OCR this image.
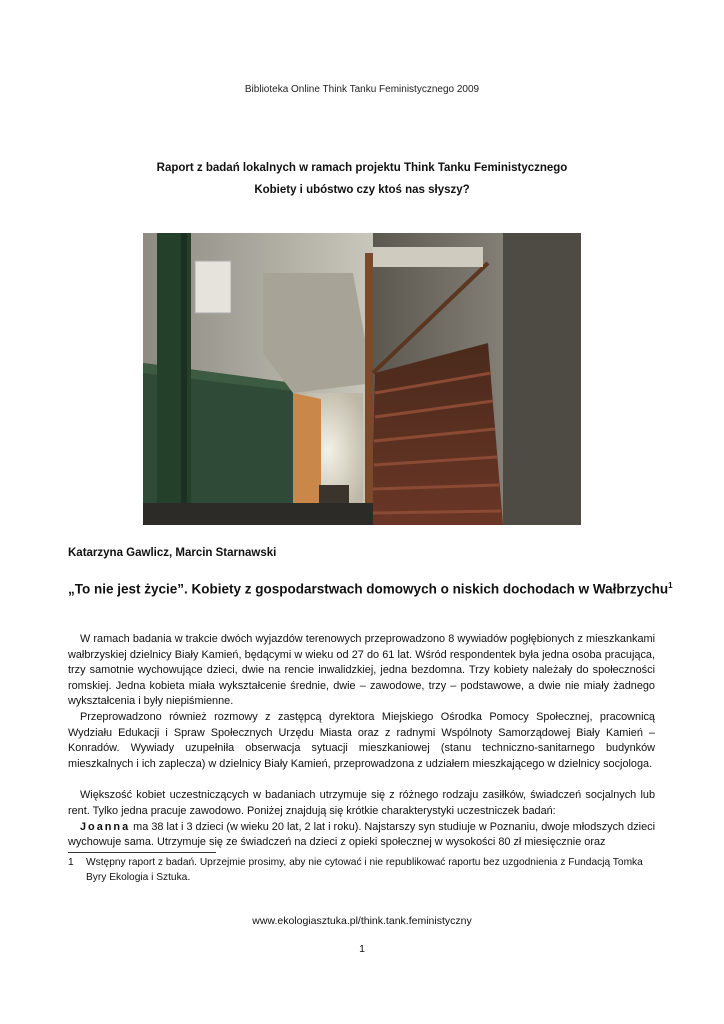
Biblioteka Online Think Tanku Feministycznego 2009
Raport z badań lokalnych w ramach projektu Think Tanku Feministycznego
Kobiety i ubóstwo czy ktoś nas słyszy?
Katarzyna Gawlicz, Marcin Starnawski
„To nie jest życie”. Kobiety z gospodarstwach domowych o niskich dochodach w Wałbrzychu$^1$

W ramach badania w trakcie dwóch wyjazdów terenowych przeprowadzono 8 wywiadów pogłębionych z mieszkankami wałbrzyskiej dzielnicy Biały Kamień, będącymi w wieku od 27 do 61 lat. Wśród respondentek była jedna osoba pracująca, trzy samotnie wychowujące dzieci, dwie na rencie inwalidzkiej, jedna bezdomna. Trzy kobiety należały do społeczności romskiej. Jedna kobieta miała wykształcenie średnie, dwie – zawodowe, trzy – podstawowe, a dwie nie miały żadnego wykształcenia i były niepiśmienne.

Przeprowadzono również rozmowy z zastępcą dyrektora Miejskiego Ośrodka Pomocy Społecznej, pracownicą Wydziału Edukacji i Spraw Społecznych Urzędu Miasta oraz z radnymi Wspólnoty Samorządowej Biały Kamień – Konradów. Wywiady uzupełniła obserwacja sytuacji mieszkaniowej (stanu techniczno-sanitarnego budynków mieszkalnych i ich zaplecza) w dzielnicy Biały Kamień, przeprowadzona z udziałem mieszkającego w dzielnicy socjologa.

Większość kobiet uczestniczących w badaniach utrzymuje się z różnego rodzaju zasiłków, świadczeń socjalnych lub rent. Tylko jedna pracuje zawodowo. Poniżej znajdują się krótkie charakterystyki uczestniczek badań:

Joanna ma 38 lat i 3 dzieci (w wieku 20 lat, 2 lat i roku). Najstarszy syn studiuje w Poznaniu, dwoje młodszych dzieci wychowuje sama. Utrzymuje się ze świadczeń na dzieci z opieki społecznej w wysokości 80 zł miesięcznie oraz

1 Wstępny raport z badań. Uprzejmie prosimy, aby nie cytować i nie republikować raportu bez uzgodnienia z Fundacją Tomka Byry Ekologia i Sztuka.
www.ekologiasztuka.pl/think.tank.feministyczny
1
